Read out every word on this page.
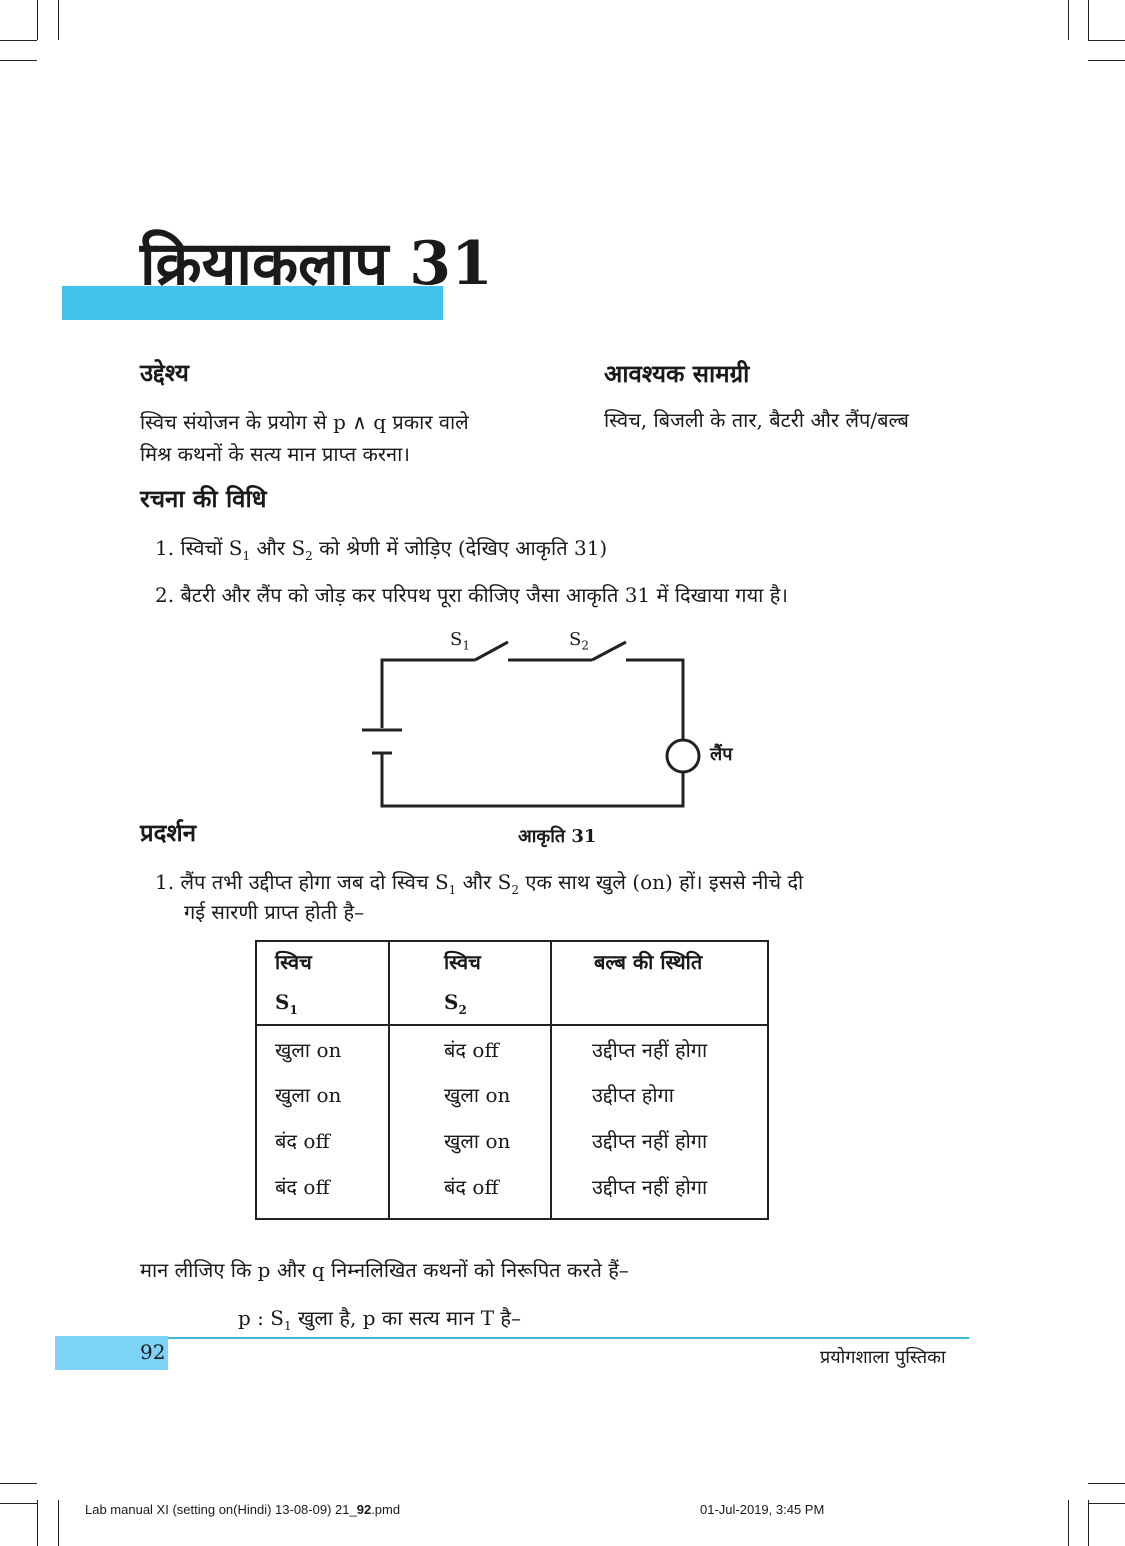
क्रियाकलाप 31
उद्देश्य
स्विच संयोजन के प्रयोग से p ∧ q प्रकार वाले
मिश्र कथनों के सत्य मान प्राप्त करना।
आवश्यक सामग्री
स्विच, बिजली के तार, बैटरी और लैंप/बल्ब
रचना की विधि
1. स्विचों $S_1$ और $S_2$ को श्रेणी में जोड़िए (देखिए आकृति 31)
2. बैटरी और लैंप को जोड़ कर परिपथ पूरा कीजिए जैसा आकृति 31 में दिखाया गया है।
$S_1$	$S_2$
लैंप
आकृति 31
प्रदर्शन
1. लैंप तभी उद्दीप्त होगा जब दो स्विच $S_1$ और $S_2$ एक साथ खुले (on) हों। इससे नीचे दी
गई सारणी प्राप्त होती है–
स्विच	स्विच	बल्ब की स्थिति
$S_1$	$S_2$	
खुला on	बंद off	उद्दीप्त नहीं होगा
खुला on	खुला on	उद्दीप्त होगा
बंद off	खुला on	उद्दीप्त नहीं होगा
बंद off	बंद off	उद्दीप्त नहीं होगा
मान लीजिए कि p और q निम्नलिखित कथनों को निरूपित करते हैं–
p : $S_1$ खुला है, p का सत्य मान T है–
92	प्रयोगशाला पुस्तिका
Lab manual XI (setting on(Hindi) 13-08-09) 21_92.pmd	01-Jul-2019, 3:45 PM
